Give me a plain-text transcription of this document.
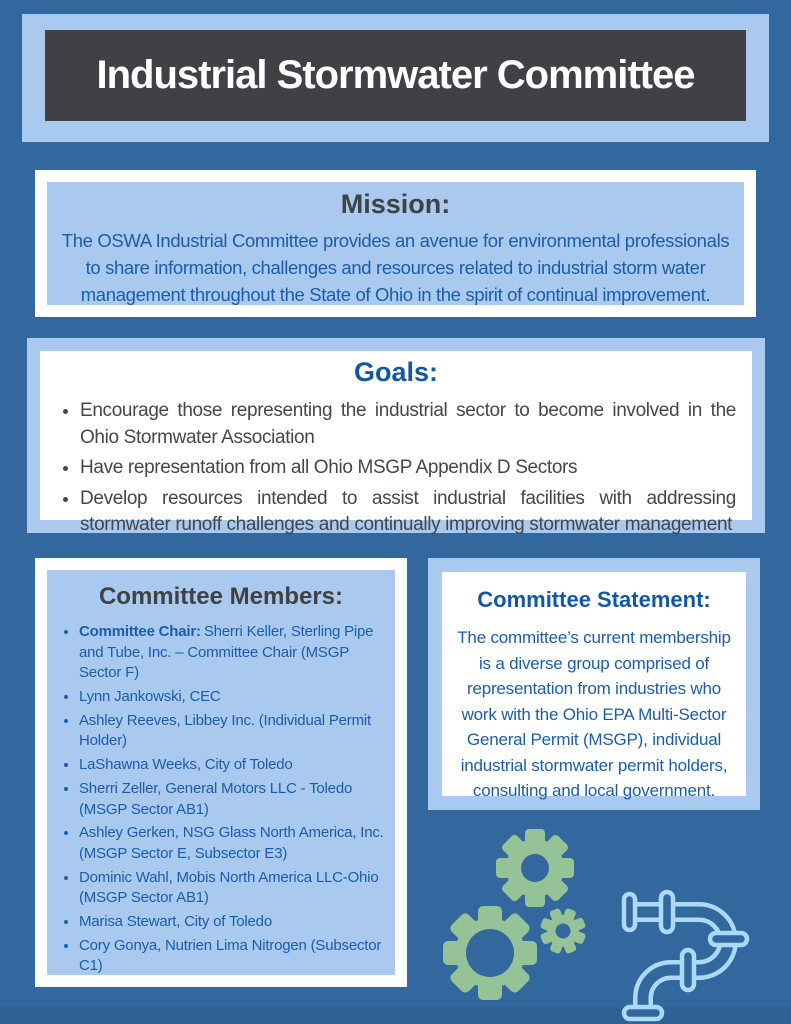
Industrial Stormwater Committee
Mission:

The OSWA Industrial Committee provides an avenue for environmental professionals to share information, challenges and resources related to industrial storm water management throughout the State of Ohio in the spirit of continual improvement.

Goals:
• Encourage those representing the industrial sector to become involved in the Ohio Stormwater Association
• Have representation from all Ohio MSGP Appendix D Sectors
• Develop resources intended to assist industrial facilities with addressing stormwater runoff challenges and continually improving stormwater management
Committee Members:
• Committee Chair: Sherri Keller, Sterling Pipe and Tube, Inc. – Committee Chair (MSGP Sector F)
• Lynn Jankowski, CEC
• Ashley Reeves, Libbey Inc. (Individual Permit Holder)
• LaShawna Weeks, City of Toledo
• Sherri Zeller, General Motors LLC - Toledo (MSGP Sector AB1)
• Ashley Gerken, NSG Glass North America, Inc. (MSGP Sector E, Subsector E3)
• Dominic Wahl, Mobis North America LLC-Ohio (MSGP Sector AB1)
• Marisa Stewart, City of Toledo
• Cory Gonya, Nutrien Lima Nitrogen (Subsector C1)
Committee Statement:

The committee’s current membership is a diverse group comprised of representation from industries who work with the Ohio EPA Multi-Sector General Permit (MSGP), individual industrial stormwater permit holders, consulting and local government.
